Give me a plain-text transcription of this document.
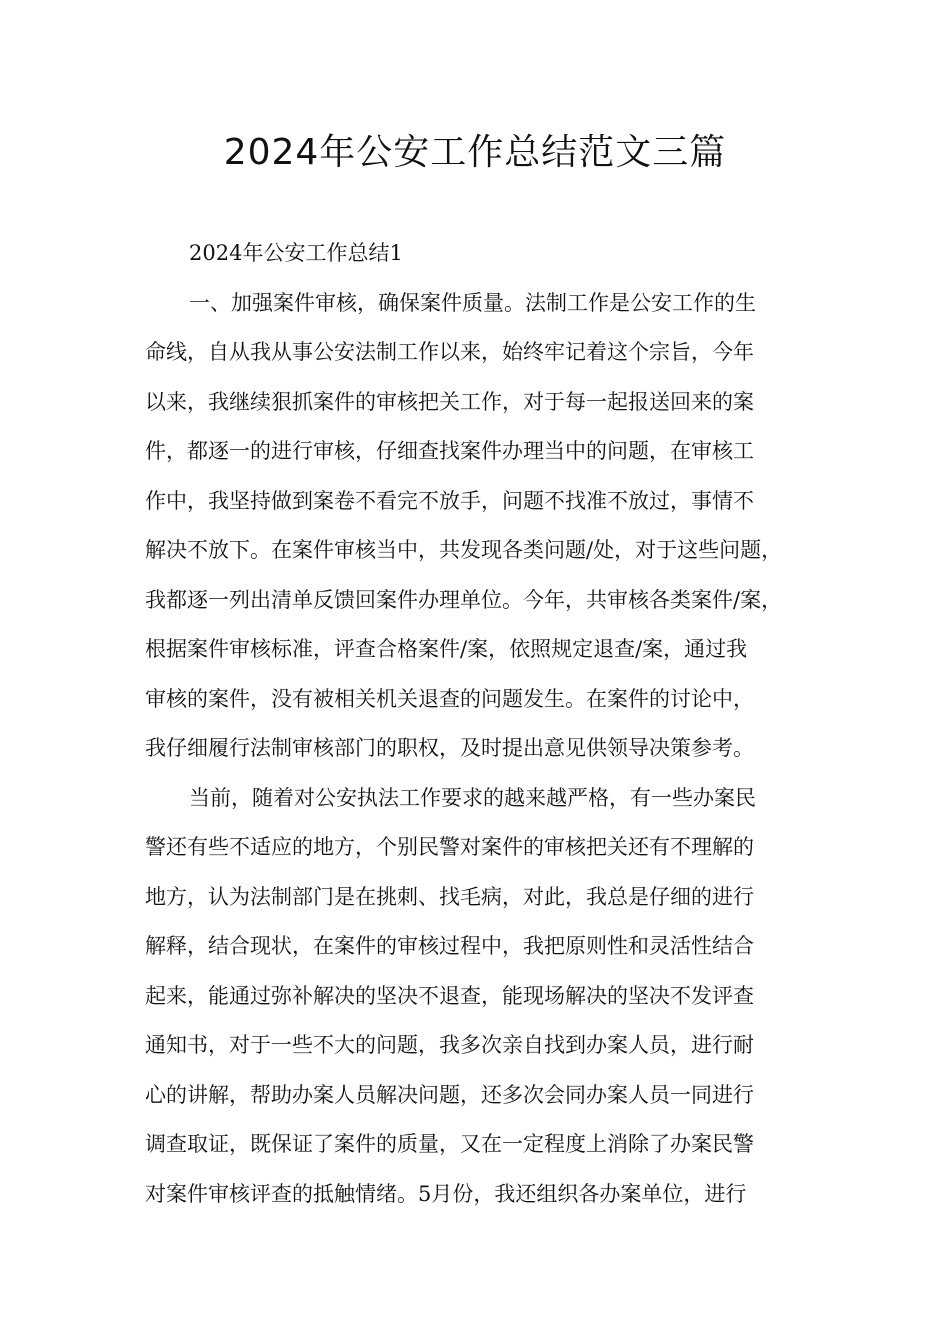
2024年公安工作总结范文三篇

2024年公安工作总结1

一、加强案件审核，确保案件质量。法制工作是公安工作的生
命线，自从我从事公安法制工作以来，始终牢记着这个宗旨，今年
以来，我继续狠抓案件的审核把关工作，对于每一起报送回来的案
件，都逐一的进行审核，仔细查找案件办理当中的问题，在审核工
作中，我坚持做到案卷不看完不放手，问题不找准不放过，事情不
解决不放下。在案件审核当中，共发现各类问题/处，对于这些问题，
我都逐一列出清单反馈回案件办理单位。今年，共审核各类案件/案，
根据案件审核标准，评查合格案件/案，依照规定退查/案，通过我
审核的案件，没有被相关机关退查的问题发生。在案件的讨论中，
我仔细履行法制审核部门的职权，及时提出意见供领导决策参考。

当前，随着对公安执法工作要求的越来越严格，有一些办案民
警还有些不适应的地方，个别民警对案件的审核把关还有不理解的
地方，认为法制部门是在挑刺、找毛病，对此，我总是仔细的进行
解释，结合现状，在案件的审核过程中，我把原则性和灵活性结合
起来，能通过弥补解决的坚决不退查，能现场解决的坚决不发评查
通知书，对于一些不大的问题，我多次亲自找到办案人员，进行耐
心的讲解，帮助办案人员解决问题，还多次会同办案人员一同进行
调查取证，既保证了案件的质量，又在一定程度上消除了办案民警
对案件审核评查的抵触情绪。5月份，我还组织各办案单位，进行
